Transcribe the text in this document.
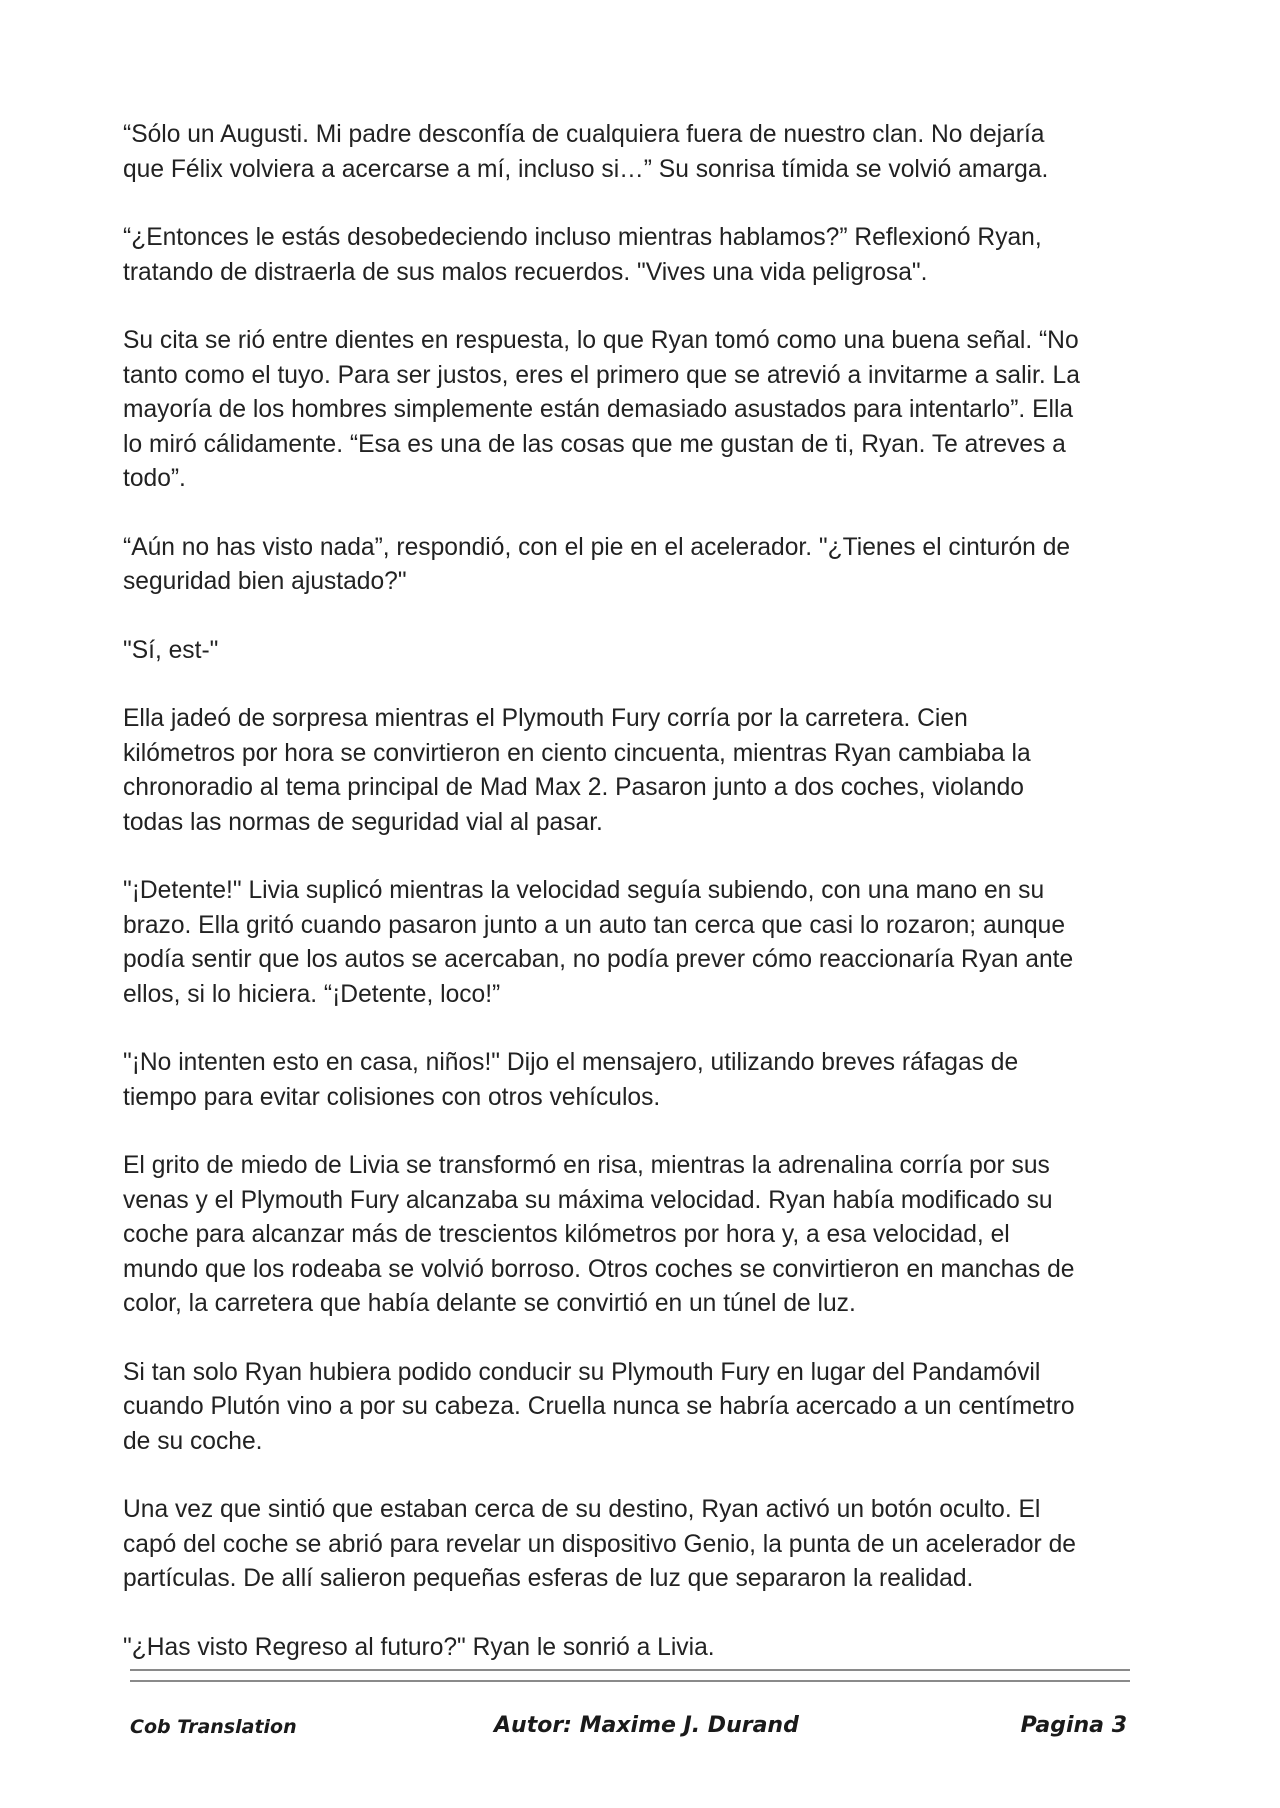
“Sólo un Augusti. Mi padre desconfía de cualquiera fuera de nuestro clan. No dejaría
que Félix volviera a acercarse a mí, incluso si…” Su sonrisa tímida se volvió amarga.

“¿Entonces le estás desobedeciendo incluso mientras hablamos?” Reflexionó Ryan,
tratando de distraerla de sus malos recuerdos. "Vives una vida peligrosa".

Su cita se rió entre dientes en respuesta, lo que Ryan tomó como una buena señal. “No
tanto como el tuyo. Para ser justos, eres el primero que se atrevió a invitarme a salir. La
mayoría de los hombres simplemente están demasiado asustados para intentarlo”. Ella
lo miró cálidamente. “Esa es una de las cosas que me gustan de ti, Ryan. Te atreves a
todo”.

“Aún no has visto nada”, respondió, con el pie en el acelerador. "¿Tienes el cinturón de
seguridad bien ajustado?"

"Sí, est-"

Ella jadeó de sorpresa mientras el Plymouth Fury corría por la carretera. Cien
kilómetros por hora se convirtieron en ciento cincuenta, mientras Ryan cambiaba la
chronoradio al tema principal de Mad Max 2. Pasaron junto a dos coches, violando
todas las normas de seguridad vial al pasar.

"¡Detente!" Livia suplicó mientras la velocidad seguía subiendo, con una mano en su
brazo. Ella gritó cuando pasaron junto a un auto tan cerca que casi lo rozaron; aunque
podía sentir que los autos se acercaban, no podía prever cómo reaccionaría Ryan ante
ellos, si lo hiciera. “¡Detente, loco!”

"¡No intenten esto en casa, niños!" Dijo el mensajero, utilizando breves ráfagas de
tiempo para evitar colisiones con otros vehículos.

El grito de miedo de Livia se transformó en risa, mientras la adrenalina corría por sus
venas y el Plymouth Fury alcanzaba su máxima velocidad. Ryan había modificado su
coche para alcanzar más de trescientos kilómetros por hora y, a esa velocidad, el
mundo que los rodeaba se volvió borroso. Otros coches se convirtieron en manchas de
color, la carretera que había delante se convirtió en un túnel de luz.

Si tan solo Ryan hubiera podido conducir su Plymouth Fury en lugar del Pandamóvil
cuando Plutón vino a por su cabeza. Cruella nunca se habría acercado a un centímetro
de su coche.

Una vez que sintió que estaban cerca de su destino, Ryan activó un botón oculto. El
capó del coche se abrió para revelar un dispositivo Genio, la punta de un acelerador de
partículas. De allí salieron pequeñas esferas de luz que separaron la realidad.

"¿Has visto Regreso al futuro?" Ryan le sonrió a Livia.

Cob Translation	Autor: Maxime J. Durand	Pagina 3
